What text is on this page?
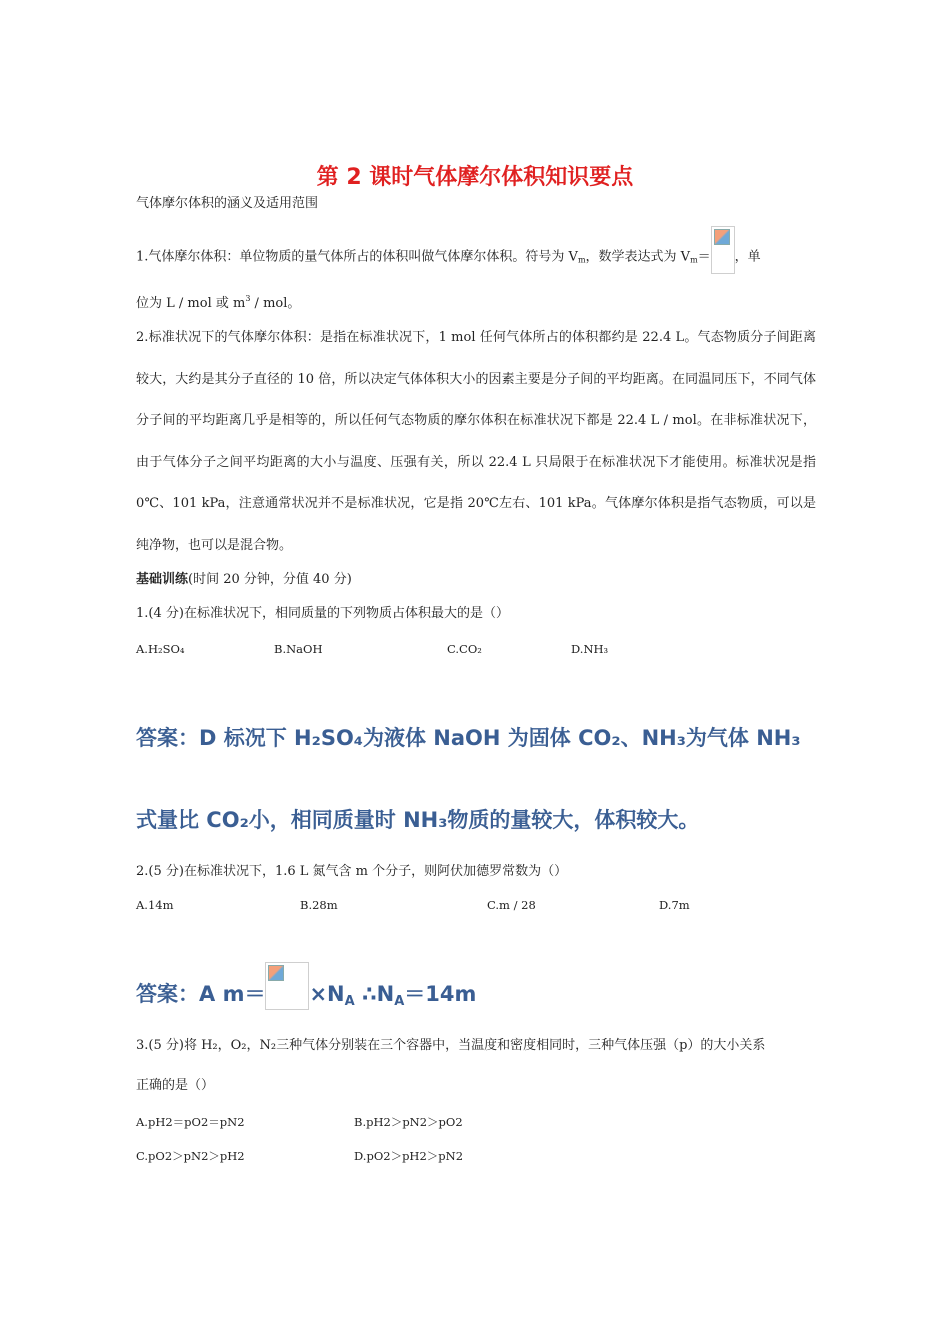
第 2 课时气体摩尔体积知识要点
气体摩尔体积的涵义及适用范围
1.气体摩尔体积：单位物质的量气体所占的体积叫做气体摩尔体积。符号为 $V_m$，数学表达式为 $V_m=$ ，单
位为 L / mol 或 $m^3$ / mol。
2.标准状况下的气体摩尔体积：是指在标准状况下，1 mol 任何气体所占的体积都约是 22.4 L。气态物质分子间距离较大，大约是其分子直径的 10 倍，所以决定气体体积大小的因素主要是分子间的平均距离。在同温同压下，不同气体分子间的平均距离几乎是相等的，所以任何气态物质的摩尔体积在标准状况下都是 22.4 L / mol。在非标准状况下，由于气体分子之间平均距离的大小与温度、压强有关，所以 22.4 L 只局限于在标准状况下才能使用。标准状况是指 0℃、101 kPa，注意通常状况并不是标准状况，它是指 20℃左右、101 kPa。气体摩尔体积是指气态物质，可以是纯净物，也可以是混合物。
基础训练(时间 20 分钟，分值 40 分)
1.(4 分)在标准状况下，相同质量的下列物质占体积最大的是（）
A.H₂SO₄	B.NaOH	C.CO₂	D.NH₃
答案：D 标况下 H₂SO₄为液体 NaOH 为固体 CO₂、NH₃为气体 NH₃
式量比 CO₂小，相同质量时 NH₃物质的量较大，体积较大。
2.(5 分)在标准状况下，1.6 L 氮气含 m 个分子，则阿伏加德罗常数为（）
A.14m	B.28m	C.m / 28	D.7m
答案：A $m= \times N_A$ $\therefore N_A=14m$
3.(5 分)将 H₂，O₂，N₂三种气体分别装在三个容器中，当温度和密度相同时，三种气体压强（p）的大小关系
正确的是（）
A.pH2＝pO2＝pN2	B.pH2＞pN2＞pO2
C.pO2＞pN2＞pH2	D.pO2＞pH2＞pN2
